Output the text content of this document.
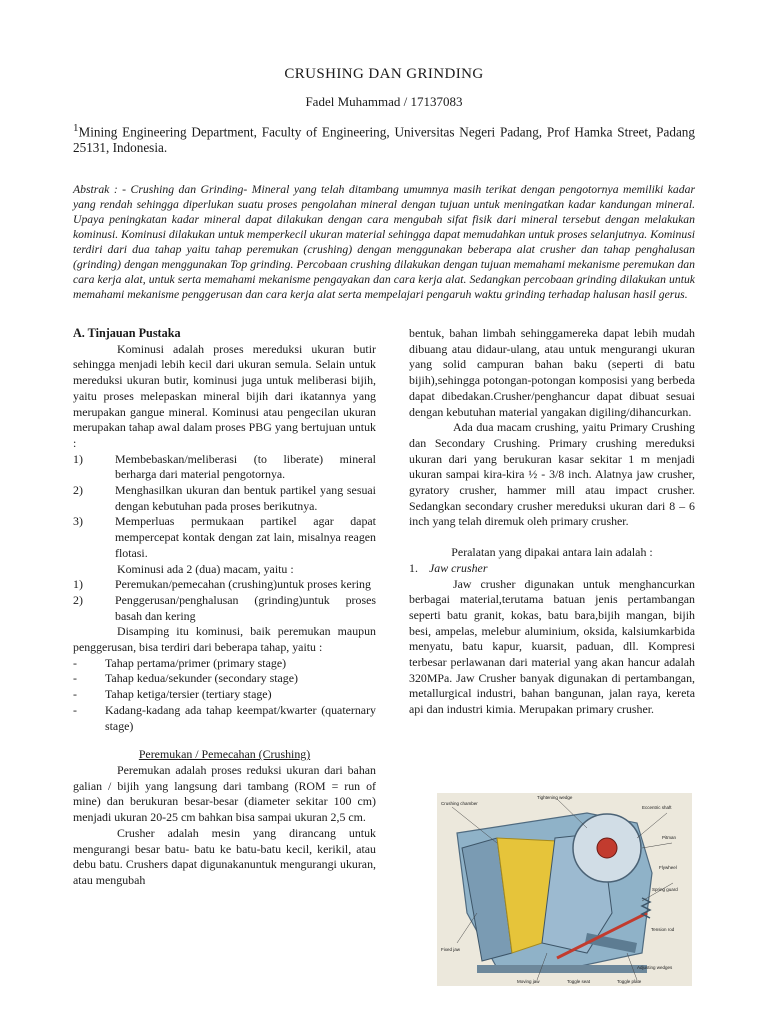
CRUSHING DAN GRINDING
Fadel Muhammad / 17137083
$^1$Mining Engineering Department, Faculty of Engineering, Universitas Negeri Padang, Prof Hamka Street, Padang 25131, Indonesia.
Abstrak : - Crushing dan Grinding- Mineral yang telah ditambang umumnya masih terikat dengan pengotornya memiliki kadar yang rendah sehingga diperlukan suatu proses pengolahan mineral dengan tujuan untuk meningatkan kadar kandungan mineral. Upaya peningkatan kadar mineral dapat dilakukan dengan cara mengubah sifat fisik dari mineral tersebut dengan melakukan kominusi. Kominusi dilakukan untuk memperkecil ukuran material sehingga dapat memudahkan untuk proses selanjutnya. Kominusi terdiri dari dua tahap yaitu tahap peremukan (crushing) dengan menggunakan beberapa alat crusher dan tahap penghalusan (grinding) dengan menggunakan Top grinding. Percobaan crushing dilakukan dengan tujuan memahami mekanisme peremukan dan cara kerja alat, untuk serta memahami mekanisme pengayakan dan cara kerja alat. Sedangkan percobaan grinding dilakukan untuk memahami mekanisme penggerusan dan cara kerja alat serta mempelajari pengaruh waktu grinding terhadap halusan hasil gerus.
A. Tinjauan Pustaka

Kominusi adalah proses mereduksi ukuran butir sehingga menjadi lebih kecil dari ukuran semula. Selain untuk mereduksi ukuran butir, kominusi juga untuk meliberasi bijih, yaitu proses melepaskan mineral bijih dari ikatannya yang merupakan gangue mineral. Kominusi atau pengecilan ukuran merupakan tahap awal dalam proses PBG yang bertujuan untuk :

1)	Membebaskan/meliberasi (to liberate) mineral berharga dari material pengotornya.
2)	Menghasilkan ukuran dan bentuk partikel yang sesuai dengan kebutuhan pada proses berikutnya.
3)	Memperluas permukaan partikel agar dapat mempercepat kontak dengan zat lain, misalnya reagen flotasi.

Kominusi ada 2 (dua) macam, yaitu :

1)	Peremukan/pemecahan (crushing)untuk proses kering
2)	Penggerusan/penghalusan (grinding)untuk proses basah dan kering

Disamping itu kominusi, baik peremukan maupun penggerusan, bisa terdiri dari beberapa tahap, yaitu :

-	Tahap pertama/primer (primary stage)
-	Tahap kedua/sekunder (secondary stage)
-	Tahap ketiga/tersier (tertiary stage)
-	Kadang-kadang ada tahap keempat/kwarter (quaternary stage)

Peremukan / Pemecahan (Crushing)

Peremukan adalah proses reduksi ukuran dari bahan galian / bijih yang langsung dari tambang (ROM = run of mine) dan berukuran besar-besar (diameter sekitar 100 cm) menjadi ukuran 20-25 cm bahkan bisa sampai ukuran 2,5 cm.

Crusher adalah mesin yang dirancang untuk mengurangi besar batu- batu ke batu-batu kecil, kerikil, atau debu batu. Crushers dapat digunakanuntuk mengurangi ukuran, atau mengubah

bentuk, bahan limbah sehinggamereka dapat lebih mudah dibuang atau didaur-ulang, atau untuk mengurangi ukuran yang solid campuran bahan baku (seperti di batu bijih),sehingga potongan-potongan komposisi yang berbeda dapat dibedakan.Crusher/penghancur dapat dibuat sesuai dengan kebutuhan material yangakan digiling/dihancurkan.

Ada dua macam crushing, yaitu Primary Crushing dan Secondary Crushing. Primary crushing mereduksi ukuran dari yang berukuran kasar sekitar 1 m menjadi ukuran sampai kira-kira ½ - 3/8 inch. Alatnya jaw crusher, gyratory crusher, hammer mill atau impact crusher. Sedangkan secondary crusher mereduksi ukuran dari 8 – 6 inch yang telah diremuk oleh primary crusher.

Peralatan yang dipakai antara lain adalah :

1. Jaw crusher

Jaw crusher digunakan untuk menghancurkan berbagai material,terutama batuan jenis pertambangan seperti batu granit, kokas, batu bara,bijih mangan, bijih besi, ampelas, melebur aluminium, oksida, kalsiumkarbida menyatu, batu kapur, kuarsit, paduan, dll. Kompresi terbesar perlawanan dari material yang akan hancur adalah 320MPa. Jaw Crusher banyak digunakan di pertambangan, metallurgical industri, bahan bangunan, jalan raya, kereta api dan industri kimia. Merupakan primary crusher.

Crushing chamber
Tightening wedge
Eccentric shaft
Pitman
Flywheel
Spring guard
Fixed jaw
Moving jaw	Toggle plate
Tension rod
Adjusting wedges
Toggle seat
